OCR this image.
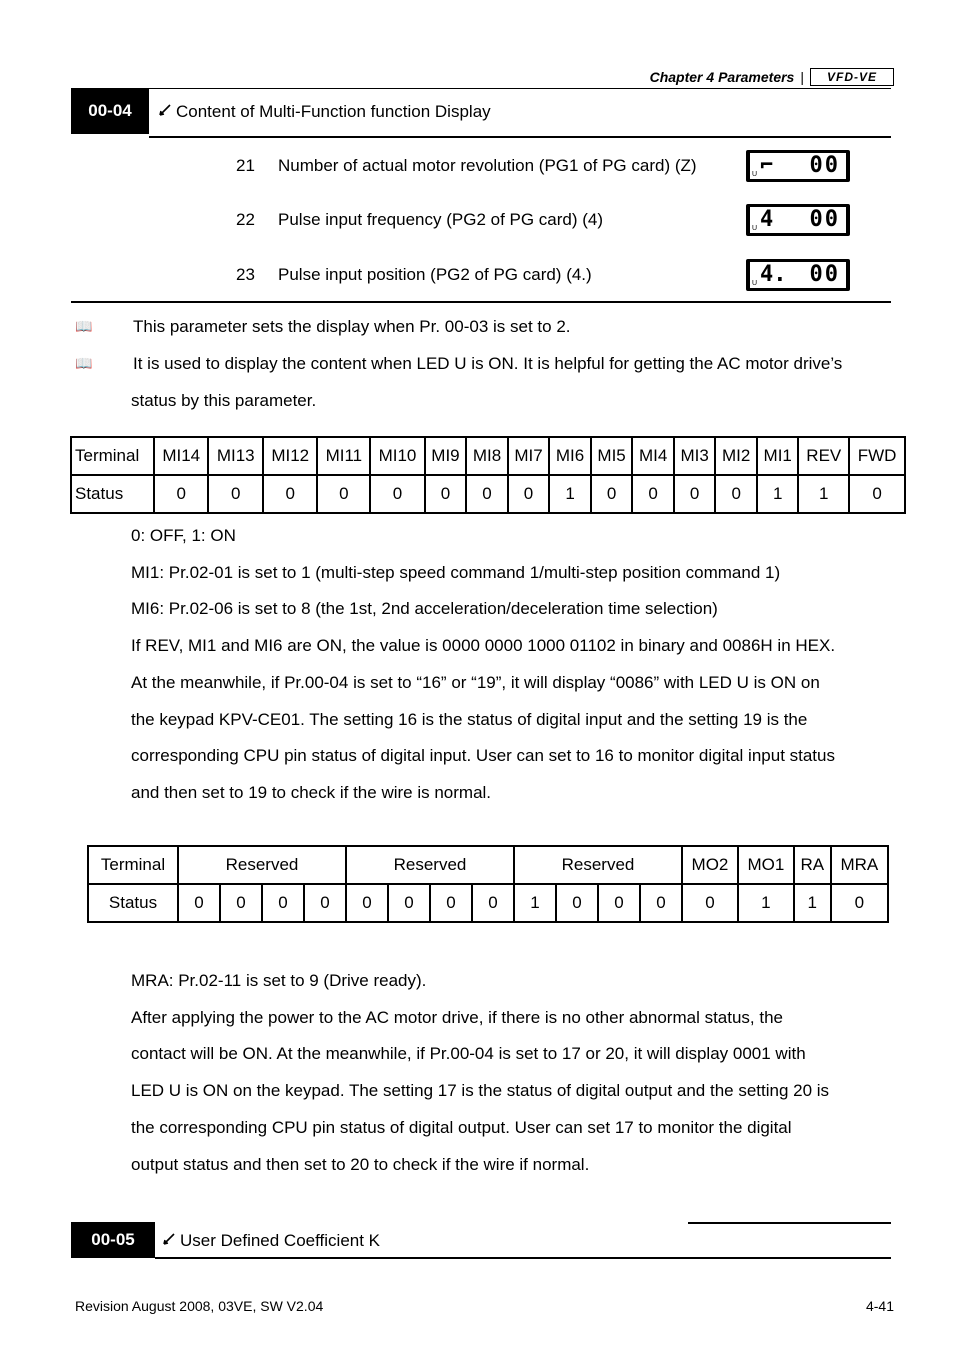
Chapter 4 Parameters |	VFD-VE
00-04	Content of Multi-Function function Display
21	Number of actual motor revolution (PG1 of PG card) (Z)	U ⌐ 00
22	Pulse input frequency (PG2 of PG card) (4)	U 4 00
23	Pulse input position (PG2 of PG card) (4.)	U 4. 00
📖	This parameter sets the display when Pr. 00-03 is set to 2.
📖	It is used to display the content when LED U is ON. It is helpful for getting the AC motor drive’s
status by this parameter.
Terminal	MI14	MI13	MI12	MI11	MI10	MI9	MI8	MI7	MI6	MI5	MI4	MI3	MI2	MI1	REV	FWD
Status	0	0	0	0	0	0	0	0	1	0	0	0	0	1	1	0
0: OFF, 1: ON
MI1: Pr.02-01 is set to 1 (multi-step speed command 1/multi-step position command 1)
MI6: Pr.02-06 is set to 8 (the 1st, 2nd acceleration/deceleration time selection)
If REV, MI1 and MI6 are ON, the value is 0000 0000 1000 01102 in binary and 0086H in HEX.
At the meanwhile, if Pr.00-04 is set to “16” or “19”, it will display “0086” with LED U is ON on
the keypad KPV-CE01. The setting 16 is the status of digital input and the setting 19 is the
corresponding CPU pin status of digital input. User can set to 16 to monitor digital input status
and then set to 19 to check if the wire is normal.
Terminal	Reserved				Reserved				Reserved				MO2	MO1	RA	MRA
Status	0	0	0	0	0	0	0	0	1	0	0	0	0	1	1	0
MRA: Pr.02-11 is set to 9 (Drive ready).
After applying the power to the AC motor drive, if there is no other abnormal status, the
contact will be ON. At the meanwhile, if Pr.00-04 is set to 17 or 20, it will display 0001 with
LED U is ON on the keypad. The setting 17 is the status of digital output and the setting 20 is
the corresponding CPU pin status of digital output. User can set 17 to monitor the digital
output status and then set to 20 to check if the wire if normal.
00-05	User Defined Coefficient K
Revision August 2008, 03VE, SW V2.04	4-41
